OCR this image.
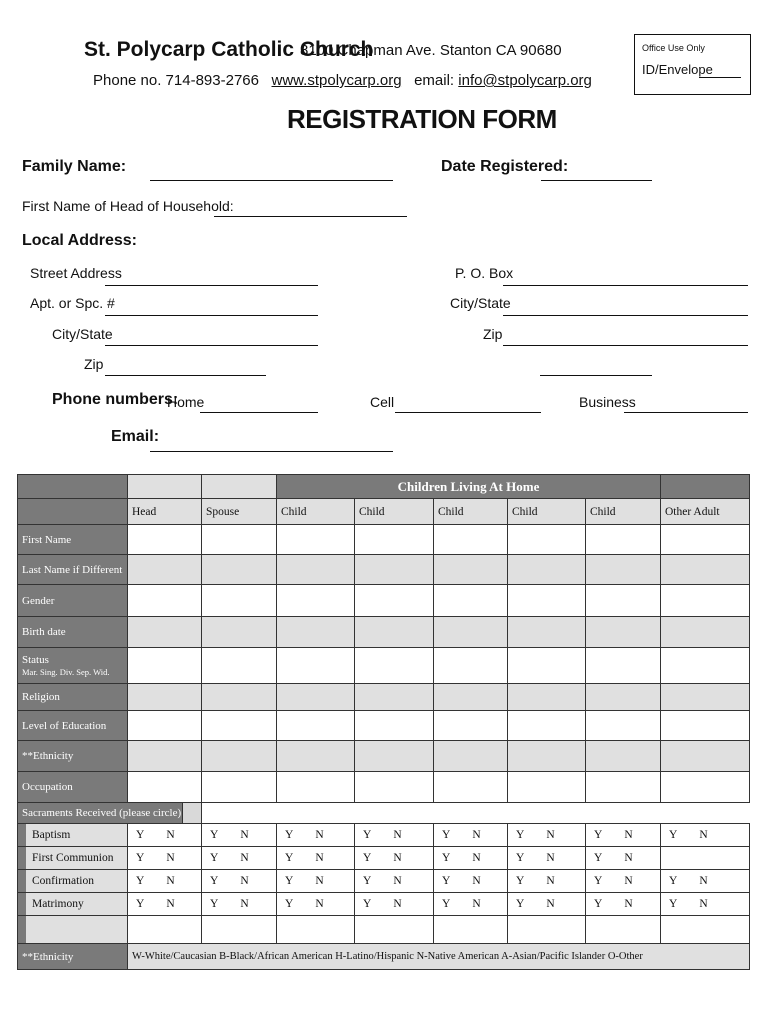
St. Polycarp Catholic Church
8100 Chapman Ave. Stanton CA 90680
Phone no. 714-893-2766 www.stpolycarp.org email: info@stpolycarp.org
REGISTRATION FORM
Office Use Only
ID/Envelope
Family Name:	Date Registered:
First Name of Head of Household:
Local Address:
Street Address
Apt. or Spc. #
City/State
Zip
P. O. Box
City/State
Zip
Phone numbers:
Home	Cell	Business
Email:
			Children Living At Home					
	Head	Spouse	Child	Child	Child	Child	Child	Other Adult
First Name								
Last Name if Different								
Gender								
Birth date								

Status
Mar. Sing. Div. Sep. Wid.								

Religion								
Level of Education								
**Ethnicity								
Occupation								

Sacraments Received (please circle)								

Baptism	Y N	Y N	Y N	Y N	Y N	Y N	Y N	Y N

First Communion	Y N	Y N	Y N	Y N	Y N	Y N	Y N	

Confirmation	Y N	Y N	Y N	Y N	Y N	Y N	Y N	Y N

Matrimony	Y N	Y N	Y N	Y N	Y N	Y N	Y N	Y N

**Ethnicity	W-White/Caucasian B-Black/African American H-Latino/Hispanic N-Native American A-Asian/Pacific Islander O-Other							
